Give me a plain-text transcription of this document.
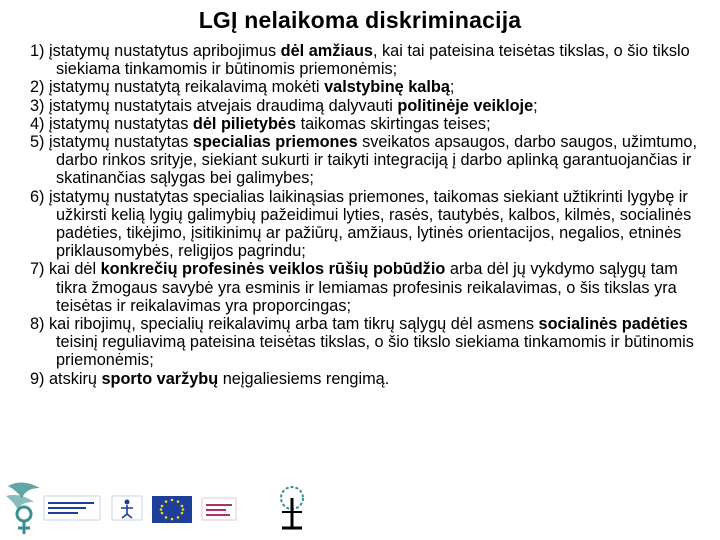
LGĮ nelaikoma diskriminacija
1) įstatymų nustatytus apribojimus dėl amžiaus, kai tai pateisina teisėtas tikslas, o šio tikslo siekiama tinkamomis ir būtinomis priemonėmis;
2) įstatymų nustatytą reikalavimą mokėti valstybinę kalbą;
3) įstatymų nustatytais atvejais draudimą dalyvauti politinėje veikloje;
4) įstatymų nustatytas dėl pilietybės taikomas skirtingas teises;
5) įstatymų nustatytas specialias priemones sveikatos apsaugos, darbo saugos, užimtumo, darbo rinkos srityje, siekiant sukurti ir taikyti integraciją į darbo aplinką garantuojančias ir skatinančias sąlygas bei galimybes;
6) įstatymų nustatytas specialias laikinąsias priemones, taikomas siekiant užtikrinti lygybę ir užkirsti kelią lygių galimybių pažeidimui lyties, rasės, tautybės, kalbos, kilmės, socialinės padėties, tikėjimo, įsitikinimų ar pažiūrų, amžiaus, lytinės orientacijos, negalios, etninės priklausomybės, religijos pagrindu;
7) kai dėl konkrečių profesinės veiklos rūšių pobūdžio arba dėl jų vykdymo sąlygų tam tikra žmogaus savybė yra esminis ir lemiamas profesinis reikalavimas, o šis tikslas yra teisėtas ir reikalavimas yra proporcingas;
8) kai ribojimų, specialių reikalavimų arba tam tikrų sąlygų dėl asmens socialinės padėties teisinį reguliavimą pateisina teisėtas tikslas, o šio tikslo siekiama tinkamomis ir būtinomis priemonėmis;
9) atskirų sporto varžybų neįgaliesiems rengimą.
